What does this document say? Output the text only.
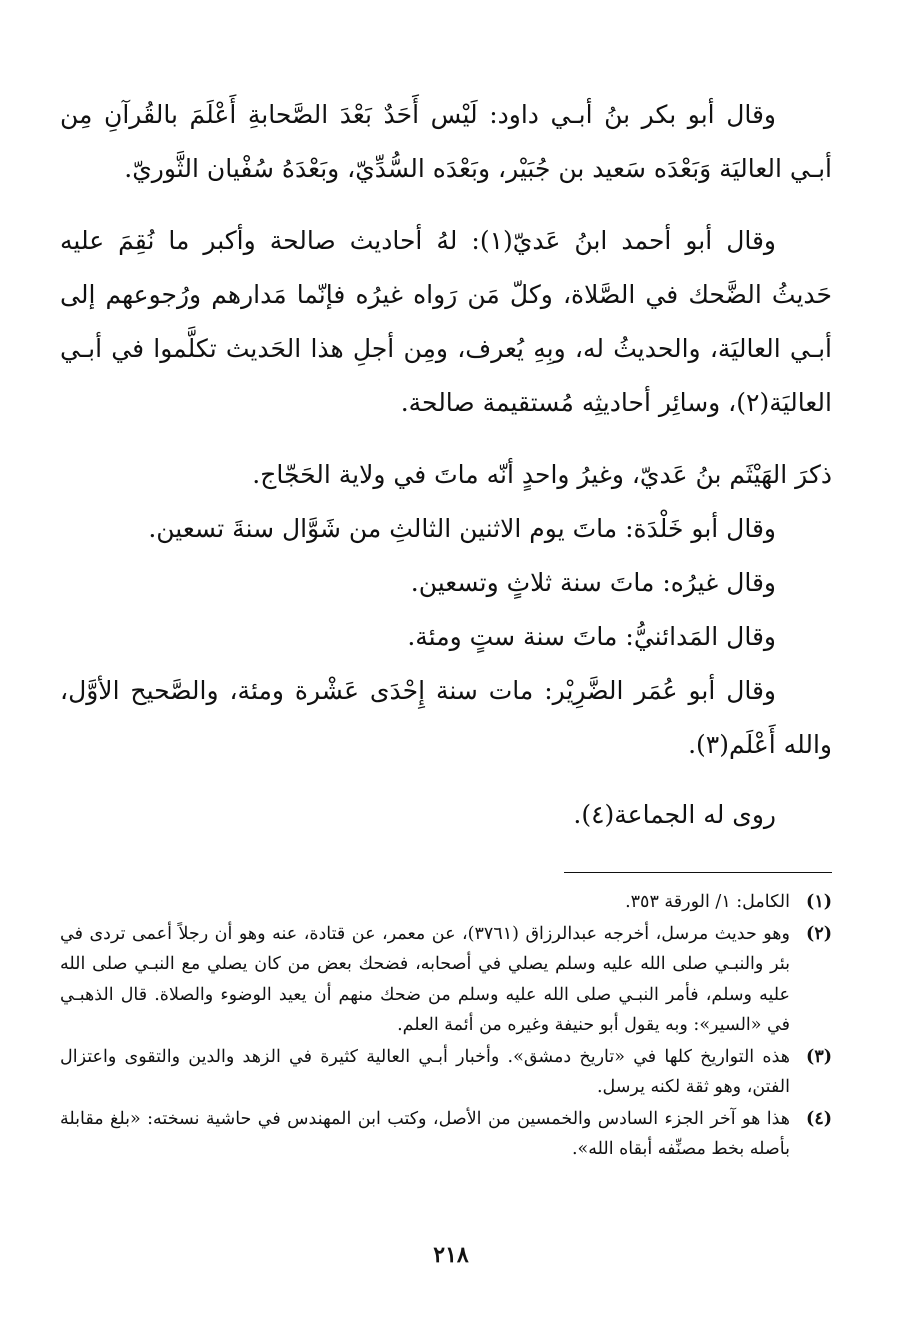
وقال أبو بكر بنُ أبـي داود: لَيْس أَحَدٌ بَعْدَ الصَّحابةِ أَعْلَمَ بالقُرآنِ مِن أبـي العاليَة وَبَعْدَه سَعيد بن جُبَيْر، وبَعْدَه السُّدِّيّ، وبَعْدَهُ سُفْيان الثَّوريّ.

وقال أبو أحمد ابنُ عَديّ(١): لهُ أحاديث صالحة وأكبر ما نُقِمَ عليه حَديثُ الضَّحك في الصَّلاة، وكلّ مَن رَواه غيرُه فإنّما مَدارهم ورُجوعهم إلى أبـي العاليَة، والحديثُ له، وبِهِ يُعرف، ومِن أجلِ هذا الحَديث تكلَّموا في أبـي العاليَة(٢)، وسائِر أحاديثِه مُستقيمة صالحة.

ذكرَ الهَيْثَم بنُ عَديّ، وغيرُ واحدٍ أنّه ماتَ في ولاية الحَجّاج.
وقال أبو خَلْدَة: ماتَ يوم الاثنين الثالثِ من شَوَّال سنةَ تسعين.
وقال غيرُه: ماتَ سنة ثلاثٍ وتسعين.
وقال المَدائنيُّ: ماتَ سنة ستٍ ومئة.
وقال أبو عُمَر الضَّرِيْر: مات سنة إِحْدَى عَشْرة ومئة، والصَّحيح الأوَّل، والله أَعْلَم(٣).

روى له الجماعة(٤).

(١)
الكامل: ١/ الورقة ٣٥٣.
(٢)
وهو حديث مرسل، أخرجه عبدالرزاق (٣٧٦١)، عن معمر، عن قتادة، عنه وهو أن رجلاً أعمى تردى في بئر والنبـي صلى الله عليه وسلم يصلي في أصحابه، فضحك بعض من كان يصلي مع النبـي صلى الله عليه وسلم، فأمر النبـي صلى الله عليه وسلم من ضحك منهم أن يعيد الوضوء والصلاة. قال الذهبـي في «السير»: وبه يقول أبو حنيفة وغيره من أئمة العلم.
(٣)
هذه التواريخ كلها في «تاريخ دمشق». وأخبار أبـي العالية كثيرة في الزهد والدين والتقوى واعتزال الفتن، وهو ثقة لكنه يرسل.
(٤)
هذا هو آخر الجزء السادس والخمسين من الأصل، وكتب ابن المهندس في حاشية نسخته: «بلغ مقابلة بأصله بخط مصنِّفه أبقاه الله».
٢١٨
